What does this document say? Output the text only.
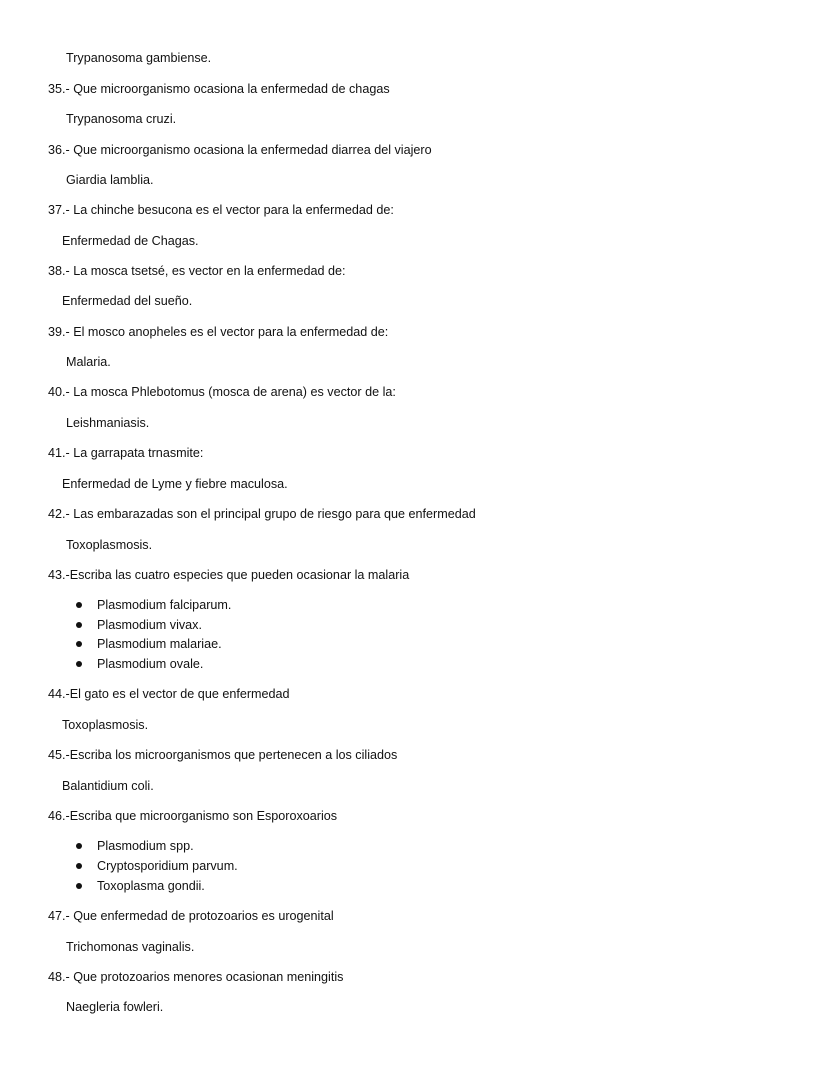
Trypanosoma gambiense.
35.- Que microorganismo ocasiona la enfermedad de chagas
Trypanosoma cruzi.
36.- Que microorganismo ocasiona la enfermedad diarrea del viajero
Giardia lamblia.
37.- La chinche besucona es el vector para la enfermedad de:
Enfermedad de Chagas.
38.- La mosca tsetsé, es vector en la enfermedad de:
Enfermedad del sueño.
39.- El mosco anopheles es el vector para la enfermedad de:
Malaria.
40.- La mosca Phlebotomus (mosca de arena) es vector de la:
Leishmaniasis.
41.- La garrapata trnasmite:
Enfermedad de Lyme y fiebre maculosa.
42.- Las embarazadas son el principal grupo de riesgo para que enfermedad
Toxoplasmosis.
43.-Escriba las cuatro especies que pueden ocasionar la malaria
Plasmodium falciparum.
Plasmodium vivax.
Plasmodium malariae.
Plasmodium ovale.
44.-El gato es el vector de que enfermedad
Toxoplasmosis.
45.-Escriba los microorganismos que pertenecen a los ciliados
Balantidium coli.
46.-Escriba que microorganismo son Esporoxoarios
Plasmodium spp.
Cryptosporidium parvum.
Toxoplasma gondii.
47.- Que enfermedad de protozoarios es urogenital
Trichomonas vaginalis.
48.- Que protozoarios menores ocasionan meningitis
Naegleria fowleri.
